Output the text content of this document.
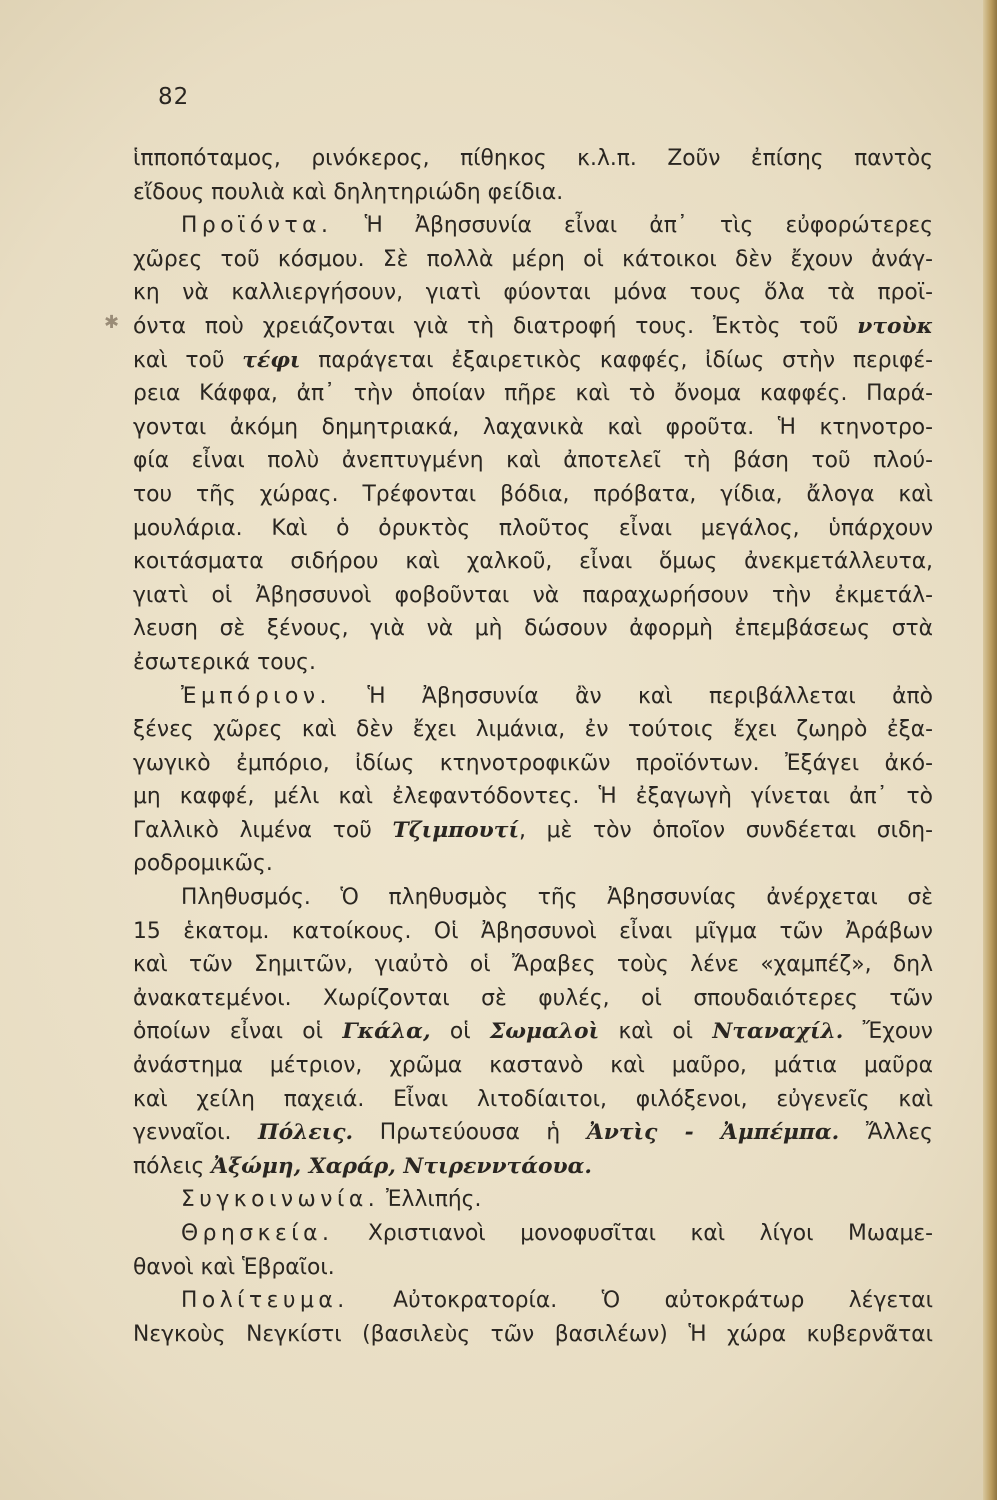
82
✱
ἱπποπόταμος, ρινόκερος, πίθηκος κ.λ.π. Ζοῦν ἐπίσης παντὸς
εἴδους πουλιὰ καὶ δηλητηριώδη φείδια.
Προϊόντα. Ἡ Ἀβησσυνία εἶναι ἀπ᾽ τὶς εὐφορώτερες
χῶρες τοῦ κόσμου. Σὲ πολλὰ μέρη οἱ κάτοικοι δὲν ἔχουν ἀνάγ-
κη νὰ καλλιεργήσουν, γιατὶ φύονται μόνα τους ὅλα τὰ προϊ-
όντα ποὺ χρειάζονται γιὰ τὴ διατροφή τους. Ἐκτὸς τοῦ ντοὺκ
καὶ τοῦ τέφι παράγεται ἐξαιρετικὸς καφφές, ἰδίως στὴν περιφέ-
ρεια Κάφφα, ἀπ᾽ τὴν ὁποίαν πῆρε καὶ τὸ ὄνομα καφφές. Παρά-
γονται ἀκόμη δημητριακά, λαχανικὰ καὶ φροῦτα. Ἡ κτηνοτρο-
φία εἶναι πολὺ ἀνεπτυγμένη καὶ ἀποτελεῖ τὴ βάση τοῦ πλού-
του τῆς χώρας. Τρέφονται βόδια, πρόβατα, γίδια, ἄλογα καὶ
μουλάρια. Καὶ ὁ ὀρυκτὸς πλοῦτος εἶναι μεγάλος, ὑπάρχουν
κοιτάσματα σιδήρου καὶ χαλκοῦ, εἶναι ὅμως ἀνεκμετάλλευτα,
γιατὶ οἱ Ἀβησσυνοὶ φοβοῦνται νὰ παραχωρήσουν τὴν ἐκμετάλ-
λευση σὲ ξένους, γιὰ νὰ μὴ δώσουν ἀφορμὴ ἐπεμβάσεως στὰ
ἐσωτερικά τους.
Ἐμπόριον. Ἡ Ἀβησσυνία ἂν καὶ περιβάλλεται ἀπὸ
ξένες χῶρες καὶ δὲν ἔχει λιμάνια, ἐν τούτοις ἔχει ζωηρὸ ἐξα-
γωγικὸ ἐμπόριο, ἰδίως κτηνοτροφικῶν προϊόντων. Ἐξάγει ἀκό-
μη καφφέ, μέλι καὶ ἐλεφαντόδοντες. Ἡ ἐξαγωγὴ γίνεται ἀπ᾽ τὸ
Γαλλικὸ λιμένα τοῦ Τζιμπουτί, μὲ τὸν ὁποῖον συνδέεται σιδη-
ροδρομικῶς.
Πληθυσμός. Ὁ πληθυσμὸς τῆς Ἀβησσυνίας ἀνέρχεται σὲ
15 ἑκατομ. κατοίκους. Οἱ Ἀβησσυνοὶ εἶναι μῖγμα τῶν Ἀράβων
καὶ τῶν Σημιτῶν, γιαὐτὸ οἱ Ἄραβες τοὺς λένε «χαμπέζ», δηλ
ἀνακατεμένοι. Χωρίζονται σὲ φυλές, οἱ σπουδαιότερες τῶν
ὁποίων εἶναι οἱ Γκάλα, οἱ Σωμαλοὶ καὶ οἱ Νταναχίλ. Ἔχουν
ἀνάστημα μέτριον, χρῶμα καστανὸ καὶ μαῦρο, μάτια μαῦρα
καὶ χείλη παχειά. Εἶναι λιτοδίαιτοι, φιλόξενοι, εὐγενεῖς καὶ
γενναῖοι. Πόλεις. Πρωτεύουσα ἡ Ἀντὶς - Ἀμπέμπα. Ἄλλες
πόλεις Ἀξώμη, Χαράρ, Ντιρενντάουα.
Συγκοινωνία. Ἐλλιπής.
Θρησκεία. Χριστιανοὶ μονοφυσῖται καὶ λίγοι Μωαμε-
θανοὶ καὶ Ἑβραῖοι.
Πολίτευμα. Αὐτοκρατορία. Ὁ αὐτοκράτωρ λέγεται
Νεγκοὺς Νεγκίστι (βασιλεὺς τῶν βασιλέων) Ἡ χώρα κυβερνᾶται
